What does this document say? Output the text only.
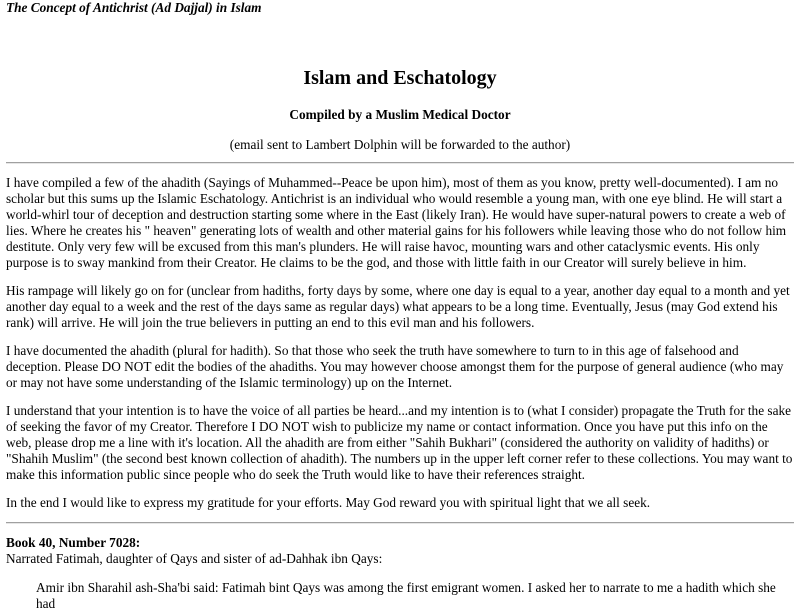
The Concept of Antichrist (Ad Dajjal) in Islam
Islam and Eschatology
Compiled by a Muslim Medical Doctor
(email sent to Lambert Dolphin will be forwarded to the author)

I have compiled a few of the ahadith (Sayings of Muhammed--Peace be upon him), most of them as you know, pretty well-documented). I am no scholar but this sums up the Islamic Eschatology. Antichrist is an individual who would resemble a young man, with one eye blind. He will start a world-whirl tour of deception and destruction starting some where in the East (likely Iran). He would have super-natural powers to create a web of lies. Where he creates his " heaven" generating lots of wealth and other material gains for his followers while leaving those who do not follow him destitute. Only very few will be excused from this man's plunders. He will raise havoc, mounting wars and other cataclysmic events. His only purpose is to sway mankind from their Creator. He claims to be the god, and those with little faith in our Creator will surely believe in him.

His rampage will likely go on for (unclear from hadiths, forty days by some, where one day is equal to a year, another day equal to a month and yet another day equal to a week and the rest of the days same as regular days) what appears to be a long time. Eventually, Jesus (may God extend his rank) will arrive. He will join the true believers in putting an end to this evil man and his followers.

I have documented the ahadith (plural for hadith). So that those who seek the truth have somewhere to turn to in this age of falsehood and deception. Please DO NOT edit the bodies of the ahadiths. You may however choose amongst them for the purpose of general audience (who may or may not have some understanding of the Islamic terminology) up on the Internet.

I understand that your intention is to have the voice of all parties be heard...and my intention is to (what I consider) propagate the Truth for the sake of seeking the favor of my Creator. Therefore I DO NOT wish to publicize my name or contact information. Once you have put this info on the web, please drop me a line with it's location. All the ahadith are from either "Sahih Bukhari" (considered the authority on validity of hadiths) or "Shahih Muslim" (the second best known collection of ahadith). The numbers up in the upper left corner refer to these collections. You may want to make this information public since people who do seek the Truth would like to have their references straight.

In the end I would like to express my gratitude for your efforts. May God reward you with spiritual light that we all seek.

Book 40, Number 7028:
Narrated Fatimah, daughter of Qays and sister of ad-Dahhak ibn Qays:
Amir ibn Sharahil ash-Sha'bi said: Fatimah bint Qays was among the first emigrant women. I asked her to narrate to me a hadith which she had
